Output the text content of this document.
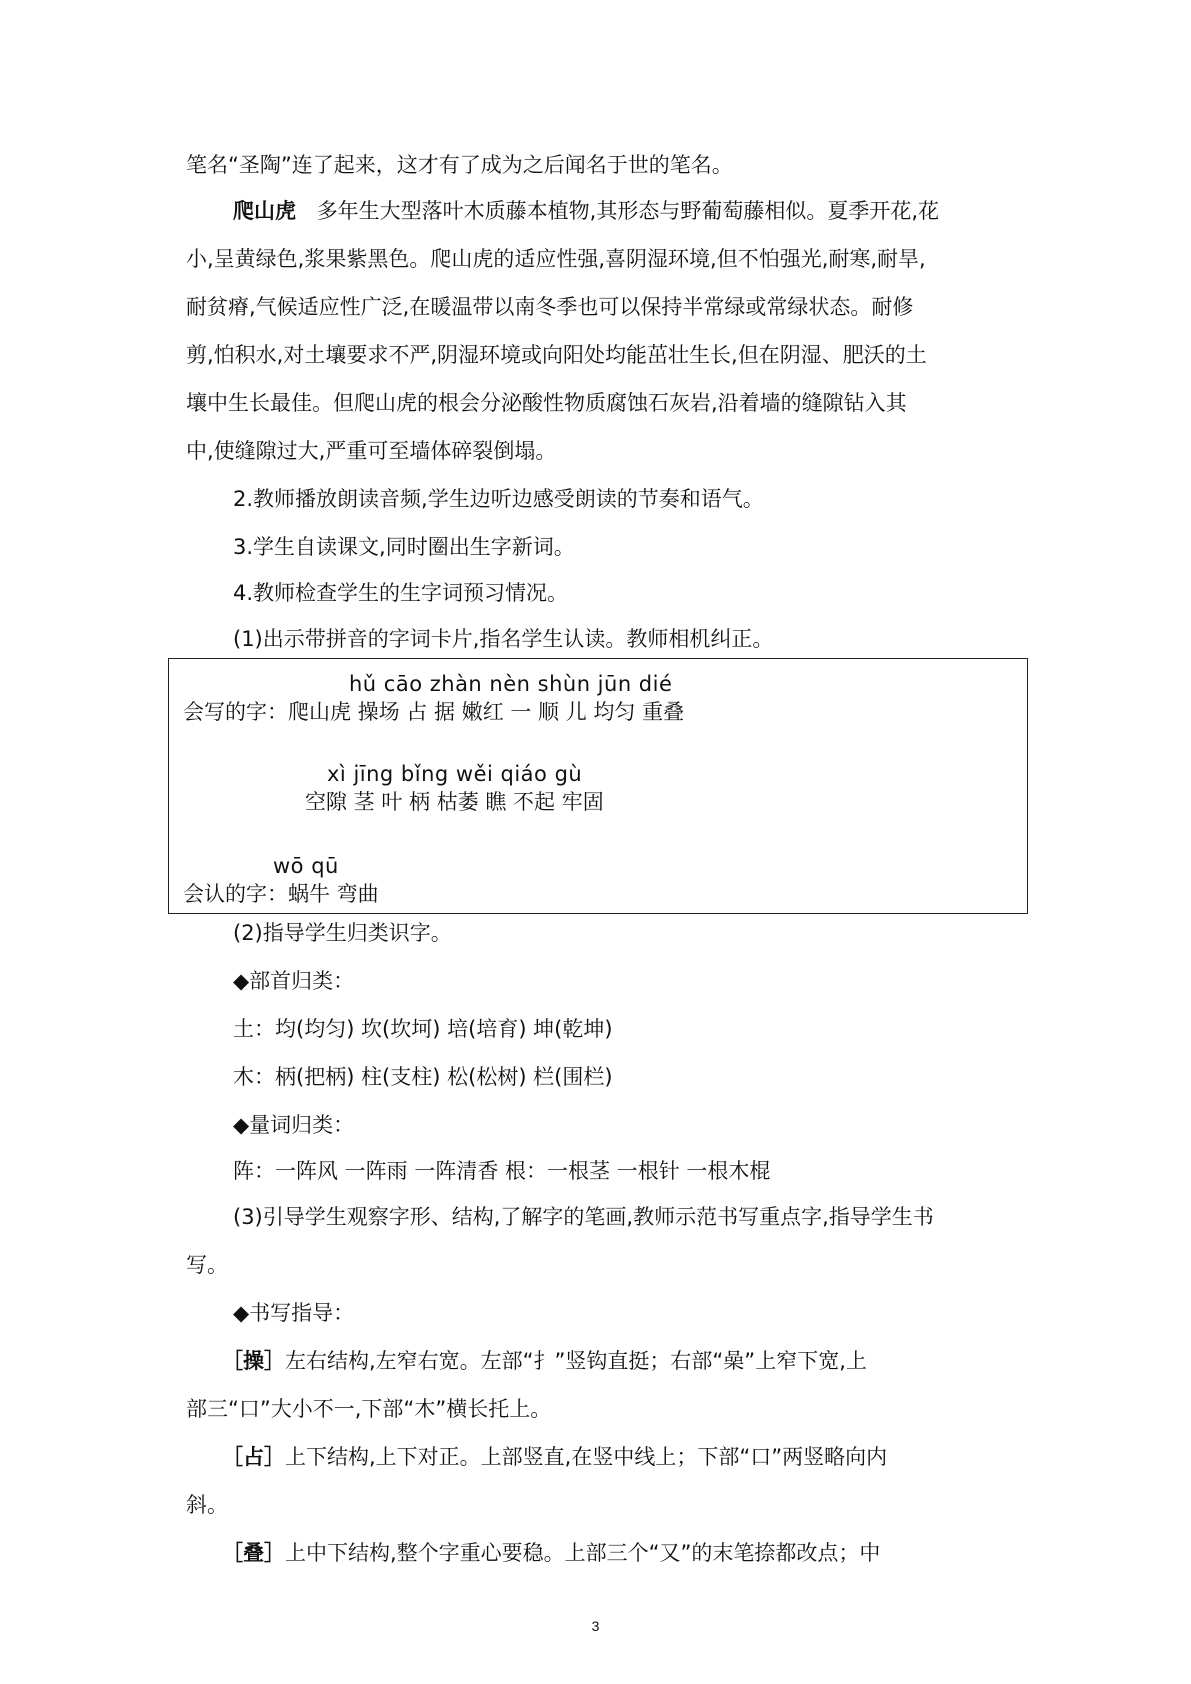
笔名“圣陶”连了起来，这才有了成为之后闻名于世的笔名。
爬山虎 多年生大型落叶木质藤本植物,其形态与野葡萄藤相似。夏季开花,花
小,呈黄绿色,浆果紫黑色。爬山虎的适应性强,喜阴湿环境,但不怕强光,耐寒,耐旱,
耐贫瘠,气候适应性广泛,在暖温带以南冬季也可以保持半常绿或常绿状态。耐修
剪,怕积水,对土壤要求不严,阴湿环境或向阳处均能茁壮生长,但在阴湿、肥沃的土
壤中生长最佳。但爬山虎的根会分泌酸性物质腐蚀石灰岩,沿着墙的缝隙钻入其
中,使缝隙过大,严重可至墙体碎裂倒塌。
2.教师播放朗读音频,学生边听边感受朗读的节奏和语气。
3.学生自读课文,同时圈出生字新词。
4.教师检查学生的生字词预习情况。
(1)出示带拼音的字词卡片,指名学生认读。教师相机纠正。
hǔ cāo zhàn nèn shùn jūn dié
会写的字：爬山虎 操场 占 据 嫩红 一 顺 儿 均匀 重叠
xì jīng bǐng wěi qiáo gù
空隙 茎 叶 柄 枯萎 瞧 不起 牢固
wō qū
会认的字：蜗牛 弯曲
(2)指导学生归类识字。
◆部首归类：
土：均(均匀) 坎(坎坷) 培(培育) 坤(乾坤)
木：柄(把柄) 柱(支柱) 松(松树) 栏(围栏)
◆量词归类：
阵：一阵风 一阵雨 一阵清香 根：一根茎 一根针 一根木棍
(3)引导学生观察字形、结构,了解字的笔画,教师示范书写重点字,指导学生书
写。
◆书写指导：
［操］左右结构,左窄右宽。左部“扌”竖钩直挺；右部“喿”上窄下宽,上
部三“口”大小不一,下部“木”横长托上。
［占］上下结构,上下对正。上部竖直,在竖中线上；下部“口”两竖略向内
斜。
［叠］上中下结构,整个字重心要稳。上部三个“又”的末笔捺都改点；中
3
